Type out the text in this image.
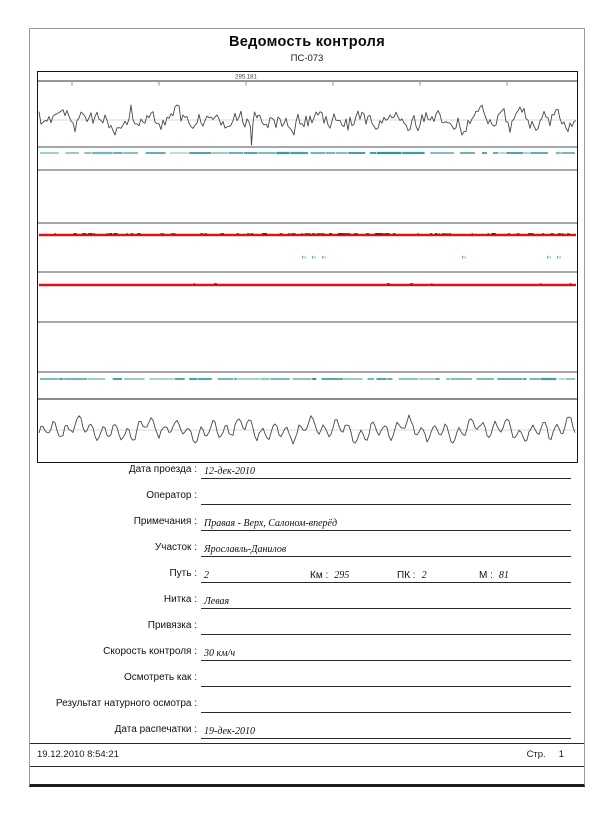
Ведомость контроля
ПС-073
295.181
Дата проезда : 12-дек-2010
Оператор :
Примечания : Правая - Верх, Салоном-вперёд
Участок : Ярославль-Данилов
Путь : 2	Км : 295	ПК : 2	М : 81
Нитка : Левая
Привязка :
Скорость контроля : 30 км/ч
Осмотреть как :
Результат натурного осмотра :
Дата распечатки : 19-дек-2010
19.12.2010 8:54:21	Стр. 1
